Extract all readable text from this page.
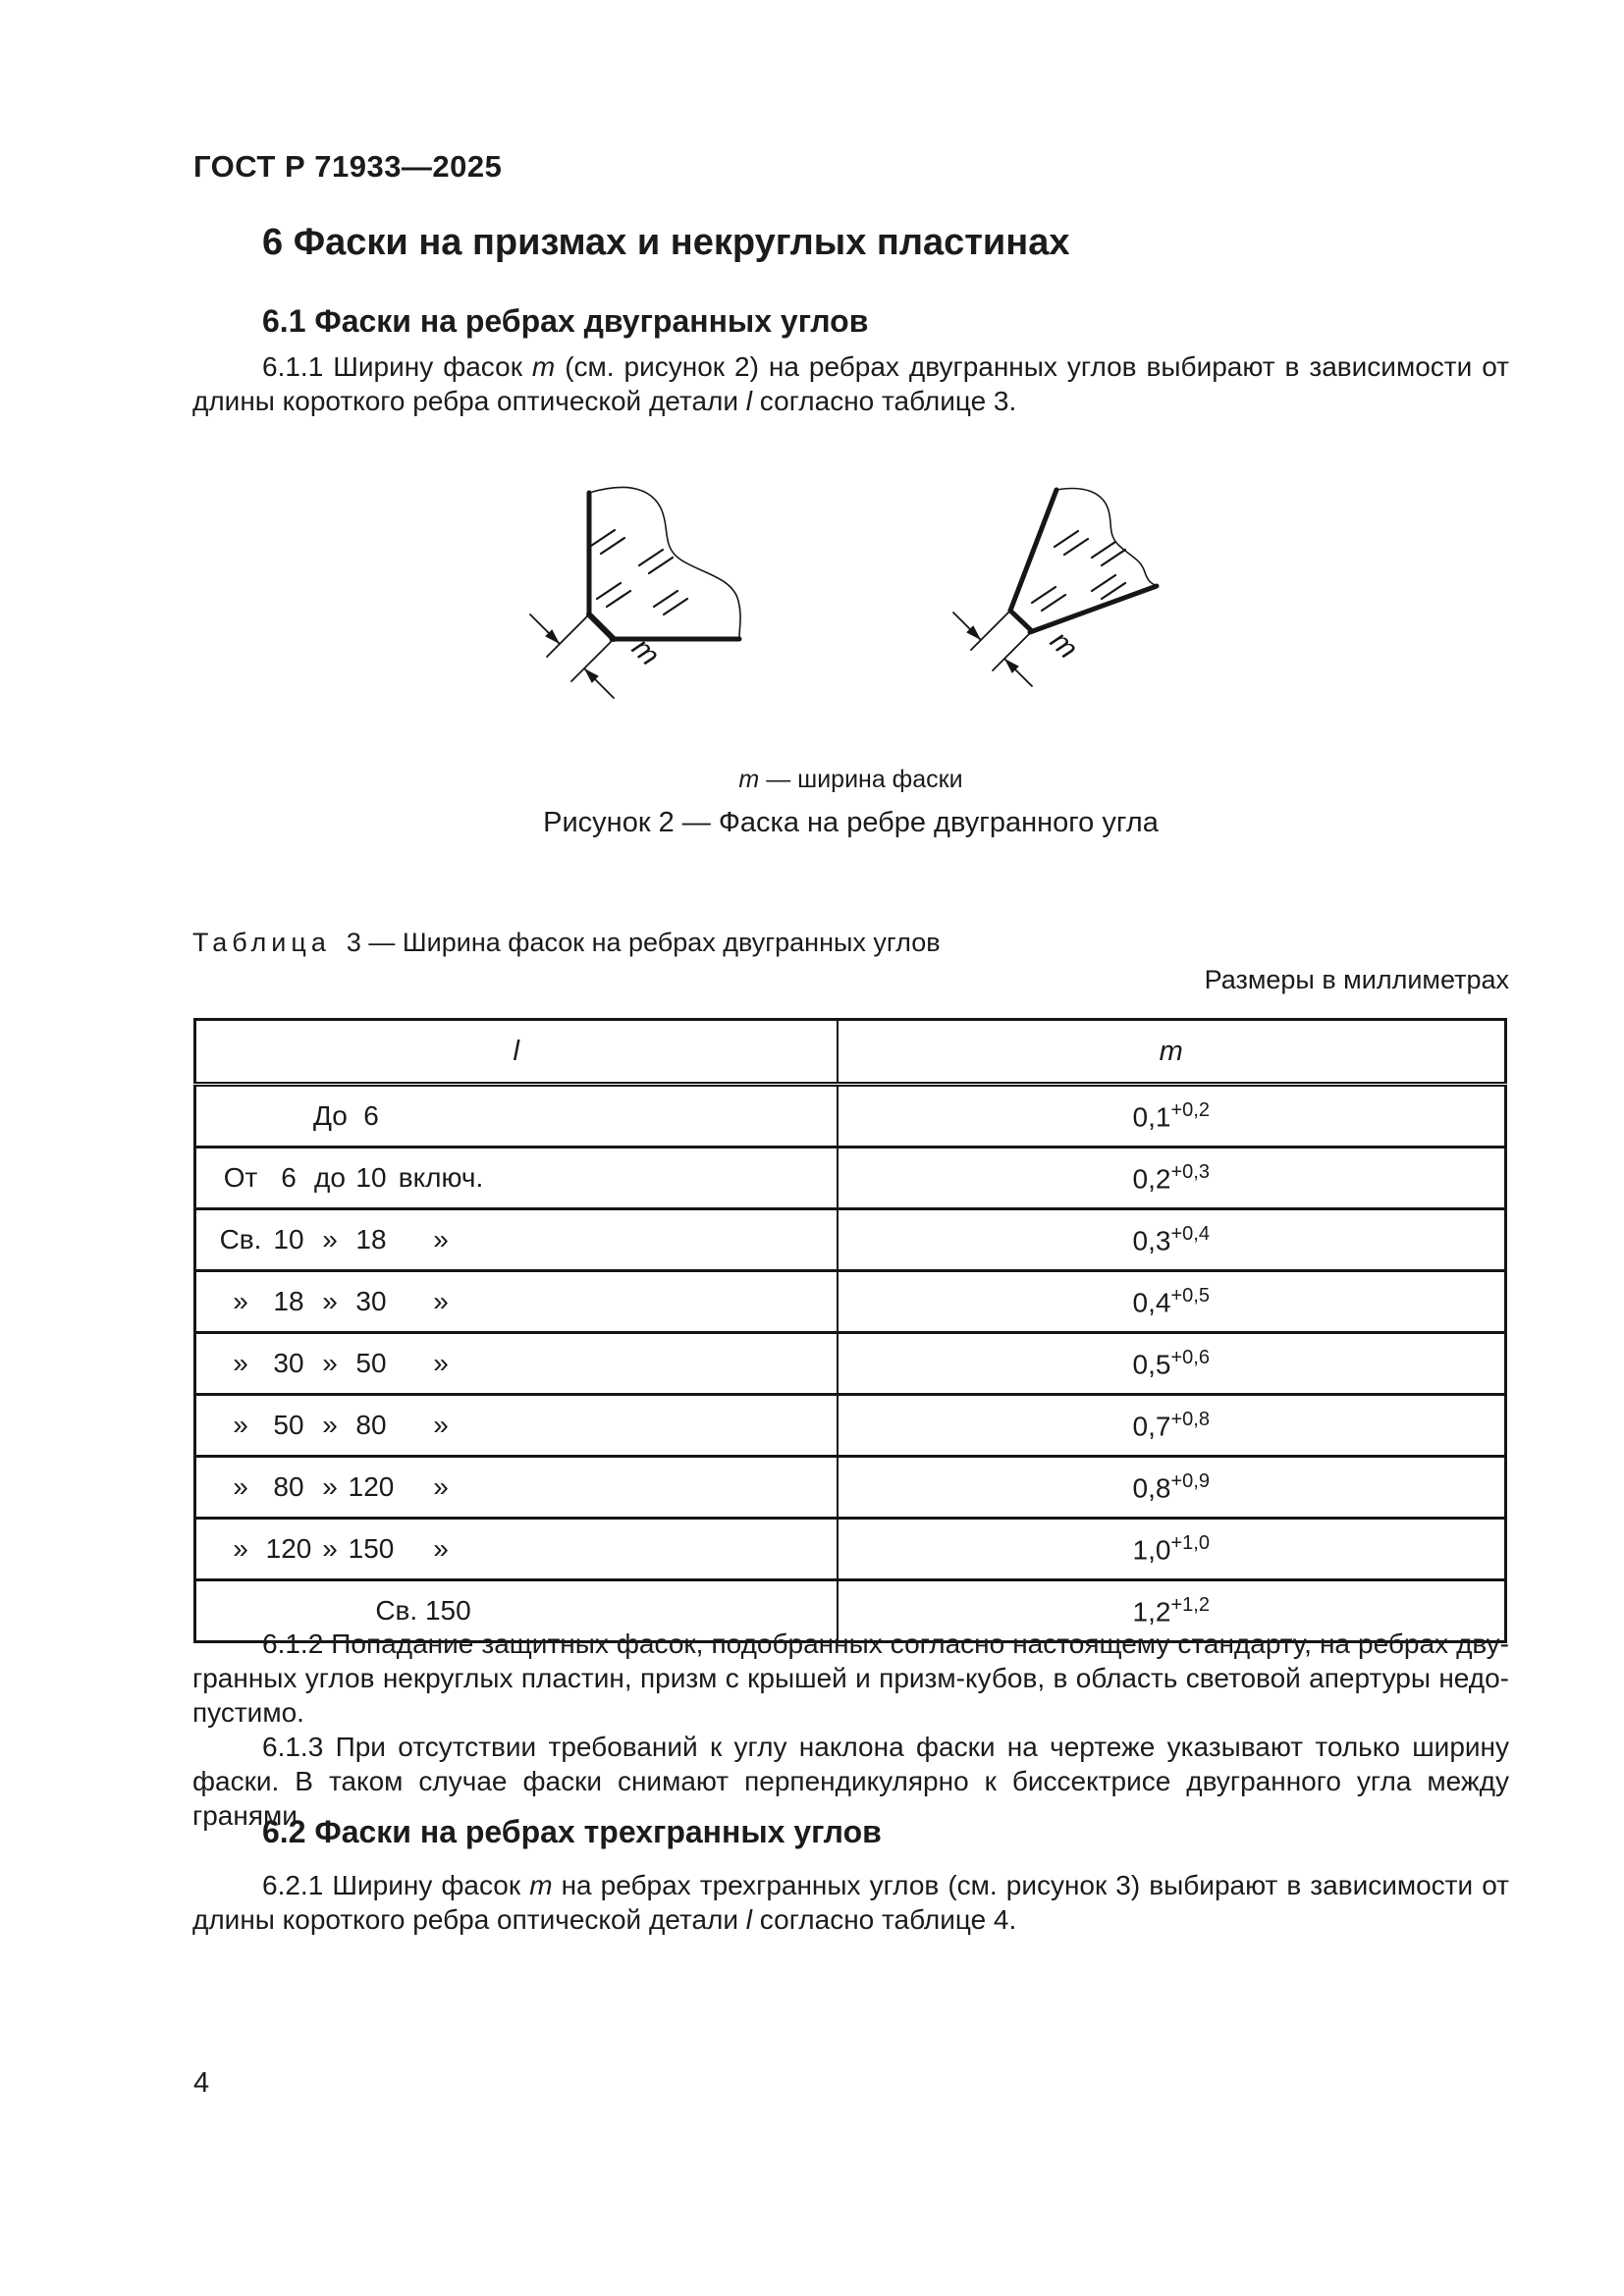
ГОСТ Р 71933—2025
6 Фаски на призмах и некруглых пластинах
6.1 Фаски на ребрах двугранных углов
6.1.1 Ширину фасок m (см. рисунок 2) на ребрах двугранных углов выбирают в зависимости от длины короткого ребра оптической детали l согласно таблице 3.
m	m
m — ширина фаски
Рисунок 2 — Фаска на ребре двугранного угла
Таблица 3 — Ширина фасок на ребрах двугранных углов
Размеры в миллиметрах
l	m

До 6	$0,1^{+0,2}$

От 6 до 10 включ.	$0,2^{+0,3}$

Св. 10 » 18 »	$0,3^{+0,4}$

» 18 » 30 »	$0,4^{+0,5}$

» 30 » 50 »	$0,5^{+0,6}$

» 50 » 80 »	$0,7^{+0,8}$

» 80 » 120 »	$0,8^{+0,9}$

» 120 » 150 »	$1,0^{+1,0}$

Св. 150	$1,2^{+1,2}$
6.1.2 Попадание защитных фасок, подобранных согласно настоящему стандарту, на ребрах двугранных углов некруглых пластин, призм с крышей и призм-кубов, в область световой апертуры недопустимо.
6.1.3 При отсутствии требований к углу наклона фаски на чертеже указывают только ширину фаски. В таком случае фаски снимают перпендикулярно к биссектрисе двугранного угла между гранями.
6.2 Фаски на ребрах трехгранных углов
6.2.1 Ширину фасок m на ребрах трехгранных углов (см. рисунок 3) выбирают в зависимости от длины короткого ребра оптической детали l согласно таблице 4.
4
